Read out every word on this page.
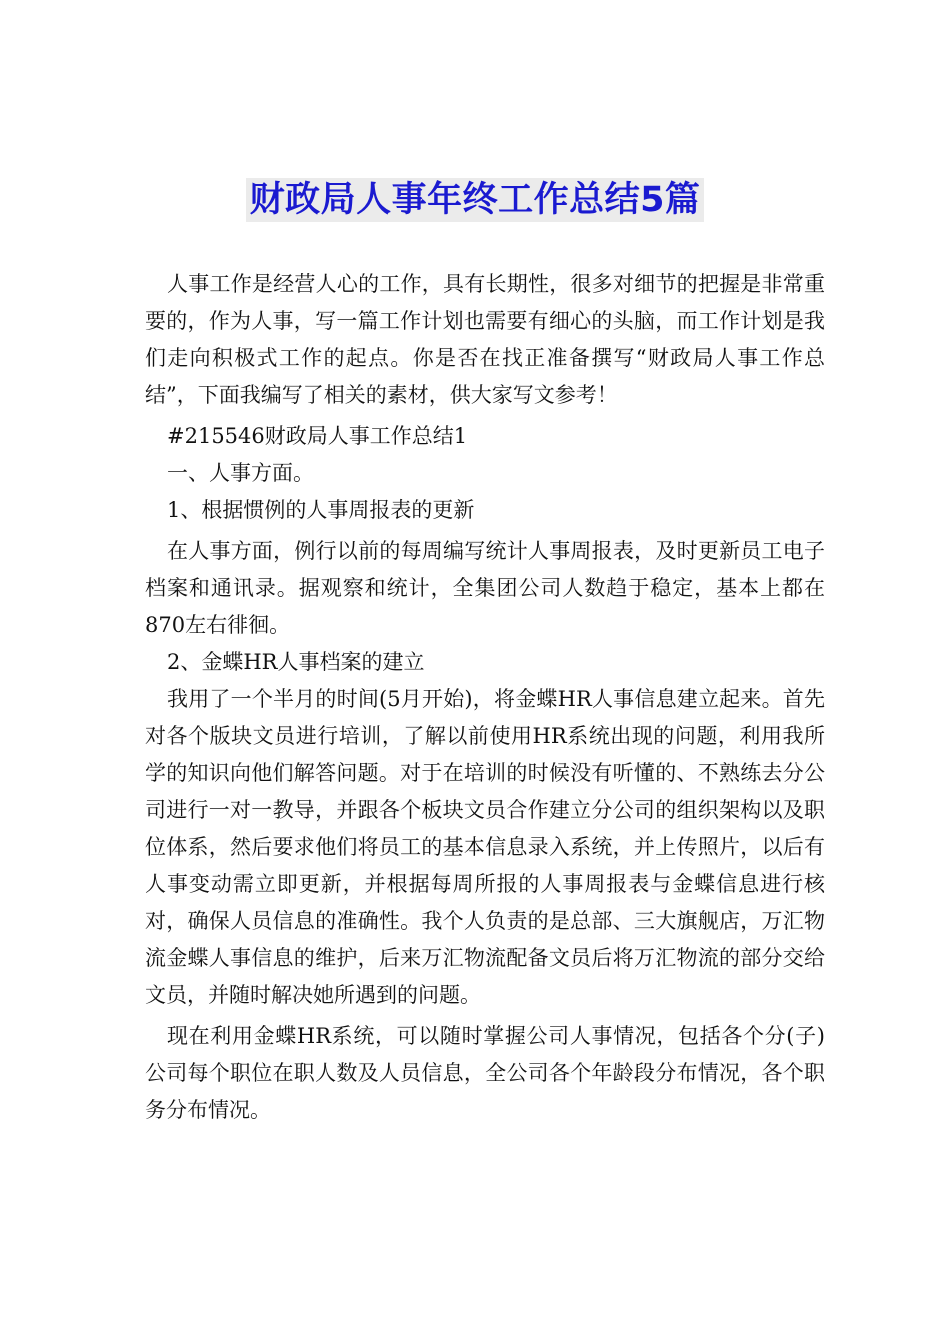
财政局人事年终工作总结5篇

人事工作是经营人心的工作，具有长期性，很多对细节的把握是非常重要的，作为人事，写一篇工作计划也需要有细心的头脑，而工作计划是我们走向积极式工作的起点。你是否在找正准备撰写“财政局人事工作总结”，下面我编写了相关的素材，供大家写文参考！

#215546财政局人事工作总结1

一、人事方面。

1、根据惯例的人事周报表的更新

在人事方面，例行以前的每周编写统计人事周报表，及时更新员工电子档案和通讯录。据观察和统计，全集团公司人数趋于稳定，基本上都在870左右徘徊。

2、金蝶HR人事档案的建立

我用了一个半月的时间(5月开始)，将金蝶HR人事信息建立起来。首先对各个版块文员进行培训，了解以前使用HR系统出现的问题，利用我所学的知识向他们解答问题。对于在培训的时候没有听懂的、不熟练去分公司进行一对一教导，并跟各个板块文员合作建立分公司的组织架构以及职位体系，然后要求他们将员工的基本信息录入系统，并上传照片，以后有人事变动需立即更新，并根据每周所报的人事周报表与金蝶信息进行核对，确保人员信息的准确性。我个人负责的是总部、三大旗舰店，万汇物流金蝶人事信息的维护，后来万汇物流配备文员后将万汇物流的部分交给文员，并随时解决她所遇到的问题。

现在利用金蝶HR系统，可以随时掌握公司人事情况，包括各个分(子)公司每个职位在职人数及人员信息，全公司各个年龄段分布情况，各个职务分布情况。
